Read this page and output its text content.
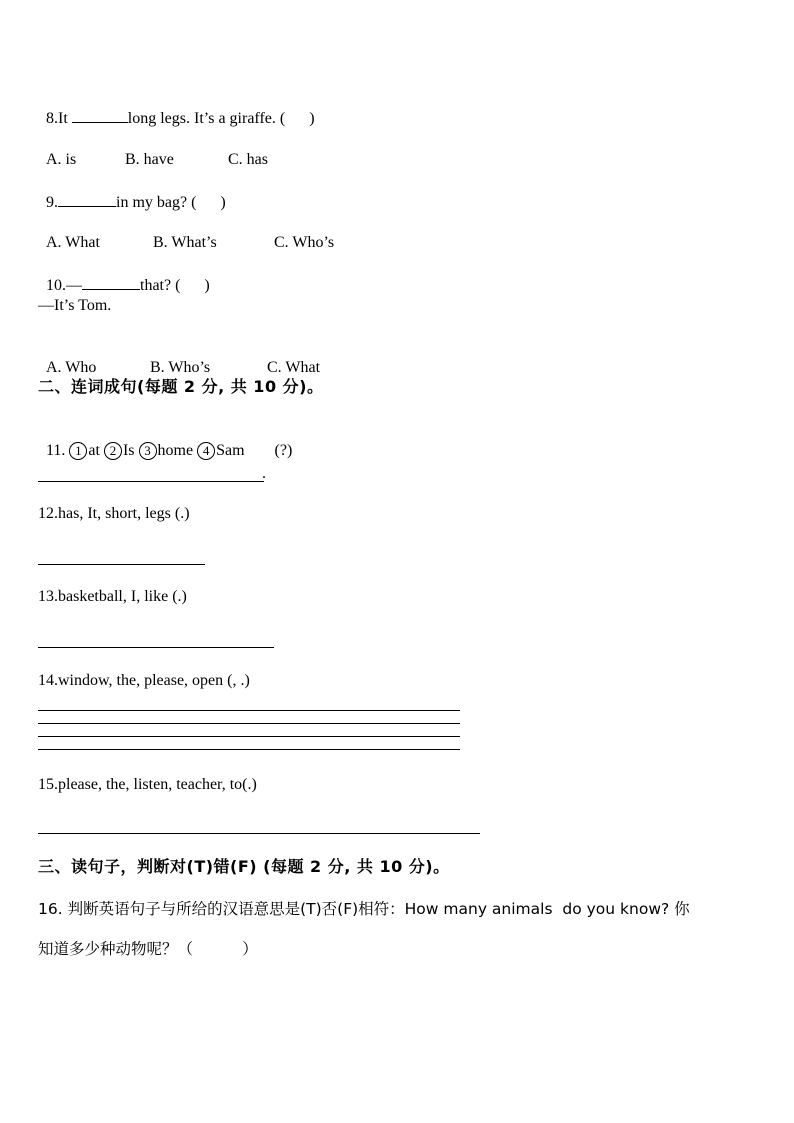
8.It	long legs. It’s a giraffe. (      )

A. is	B. have	C. has

9.	in my bag? (      )

A. What	B. What’s	C. Who’s

10.—	that? (      )

—It’s Tom.

A. Who	B. Who’s	C. What

二、连词成句(每题 2 分, 共 10 分)。

11. 1 at 2 Is 3 home 4 Sam (?)

.
12.has, It, short, legs (.)
13.basketball, I, like (.)
14.window, the, please, open (, .)
15.please, the, listen, teacher, to(.)
三、读句子，判断对(T)错(F) (每题 2 分, 共 10 分)。
16. 判断英语句子与所给的汉语意思是(T)否(F)相符：How many animals  do you know? 你
知道多少种动物呢？（          ）
